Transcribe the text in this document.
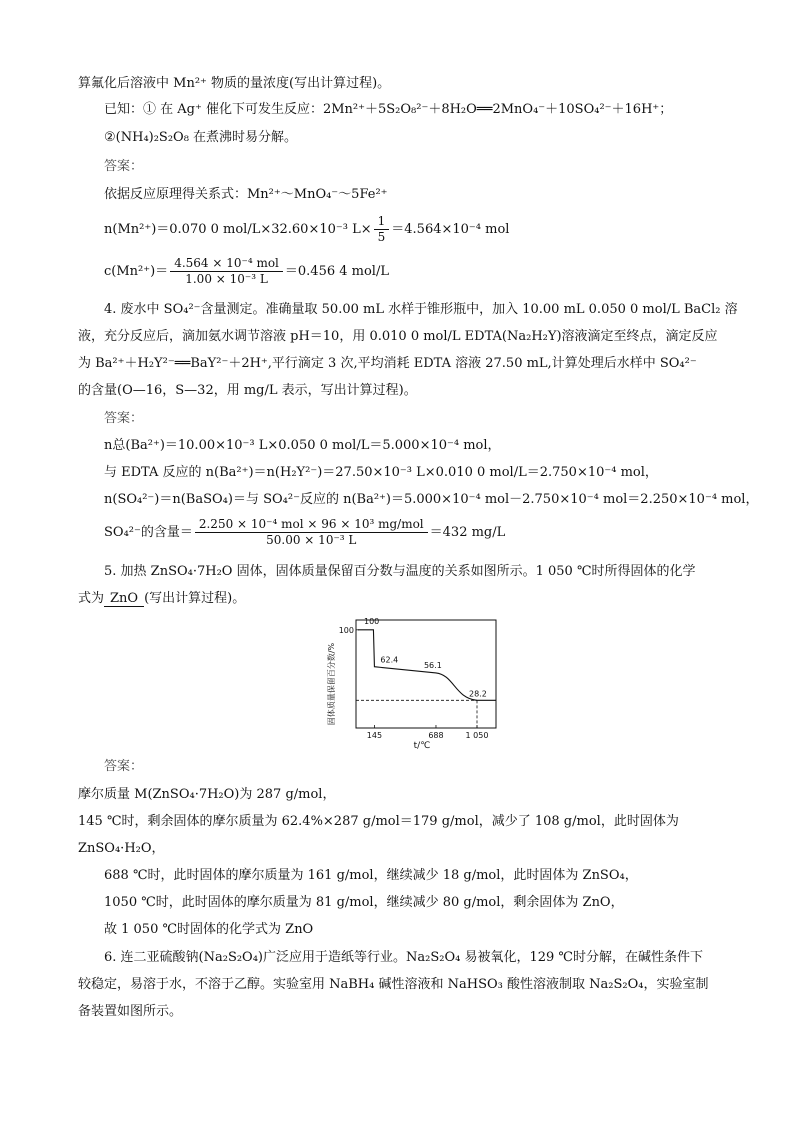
算氟化后溶液中 Mn²⁺ 物质的量浓度(写出计算过程)。
已知：① 在 Ag⁺ 催化下可发生反应：2Mn²⁺＋5S₂O₈²⁻＋8H₂O══2MnO₄⁻＋10SO₄²⁻＋16H⁺；
②(NH₄)₂S₂O₈ 在煮沸时易分解。
答案：
依据反应原理得关系式：Mn²⁺～MnO₄⁻～5Fe²⁺
n(Mn²⁺)＝0.070 0 mol/L×32.60×10⁻³ $L\times \frac{1}{5} =4.564\times 10^{-4}$ mol
$c(Mn^{2+})= \frac{\text{4.564 × 10⁻⁴ mol}}{\text{1.00 × 10⁻³ L}} =0.456$ 4 mol/L
4. 废水中 SO₄²⁻含量测定。准确量取 50.00 mL 水样于锥形瓶中，加入 10.00 mL 0.050 0 mol/L BaCl₂ 溶
液，充分反应后，滴加氨水调节溶液 pH＝10，用 0.010 0 mol/L EDTA(Na₂H₂Y)溶液滴定至终点，滴定反应
为 Ba²⁺＋H₂Y²⁻══BaY²⁻＋2H⁺,平行滴定 3 次,平均消耗 EDTA 溶液 27.50 mL,计算处理后水样中 SO₄²⁻
的含量(O—16，S—32，用 mg/L 表示，写出计算过程)。
答案：
n总(Ba²⁺)＝10.00×10⁻³ L×0.050 0 mol/L＝5.000×10⁻⁴ mol，
与 EDTA 反应的 n(Ba²⁺)＝n(H₂Y²⁻)＝27.50×10⁻³ L×0.010 0 mol/L＝2.750×10⁻⁴ mol，
n(SO₄²⁻)＝n(BaSO₄)＝与 SO₄²⁻反应的 n(Ba²⁺)＝5.000×10⁻⁴ mol－2.750×10⁻⁴ mol＝2.250×10⁻⁴ mol，
SO₄²⁻的含量＝ $\frac{\text{2.250 × 10⁻⁴ mol × 96 × 10³ mg/mol}}{\text{50.00 × 10⁻³ L}} =432$ mg/L
5. 加热 ZnSO₄·7H₂O 固体，固体质量保留百分数与温度的关系如图所示。1 050 ℃时所得固体的化学
式为 ZnO (写出计算过程)。
固体质量保留百分数/%
100
62.4
56.1
28.2
100
145	688	1 050
t/℃
答案：
摩尔质量 M(ZnSO₄·7H₂O)为 287 g/mol，
145 ℃时，剩余固体的摩尔质量为 62.4%×287 g/mol＝179 g/mol，减少了 108 g/mol，此时固体为
ZnSO₄·H₂O，
688 ℃时，此时固体的摩尔质量为 161 g/mol，继续减少 18 g/mol，此时固体为 ZnSO₄，
1050 ℃时，此时固体的摩尔质量为 81 g/mol，继续减少 80 g/mol，剩余固体为 ZnO，
故 1 050 ℃时固体的化学式为 ZnO
6. 连二亚硫酸钠(Na₂S₂O₄)广泛应用于造纸等行业。Na₂S₂O₄ 易被氧化，129 ℃时分解，在碱性条件下
较稳定，易溶于水，不溶于乙醇。实验室用 NaBH₄ 碱性溶液和 NaHSO₃ 酸性溶液制取 Na₂S₂O₄，实验室制
备装置如图所示。
